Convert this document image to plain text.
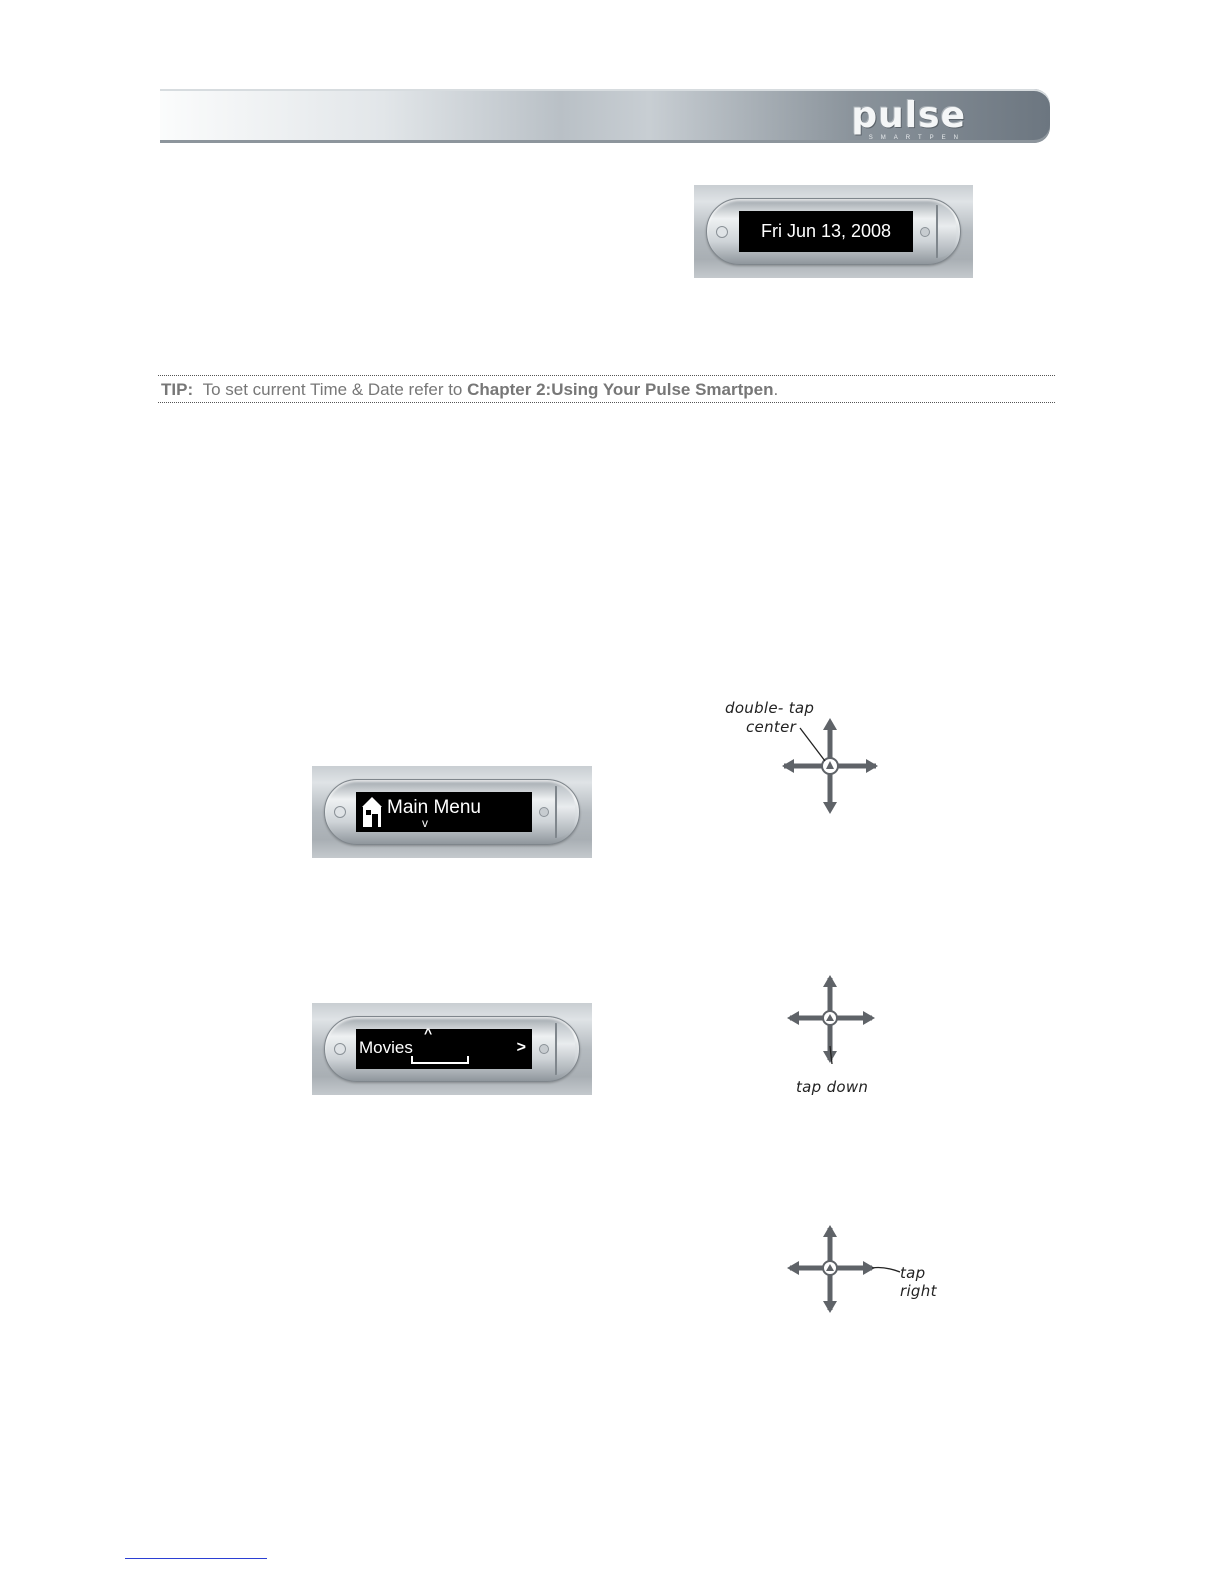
pulse
SMARTPEN
Fri Jun 13, 2008
TIP: To set current Time & Date refer to Chapter 2:Using Your Pulse Smartpen.
double- tap
center
Main Menu
v
tap down
Movies
^
>
tap right
